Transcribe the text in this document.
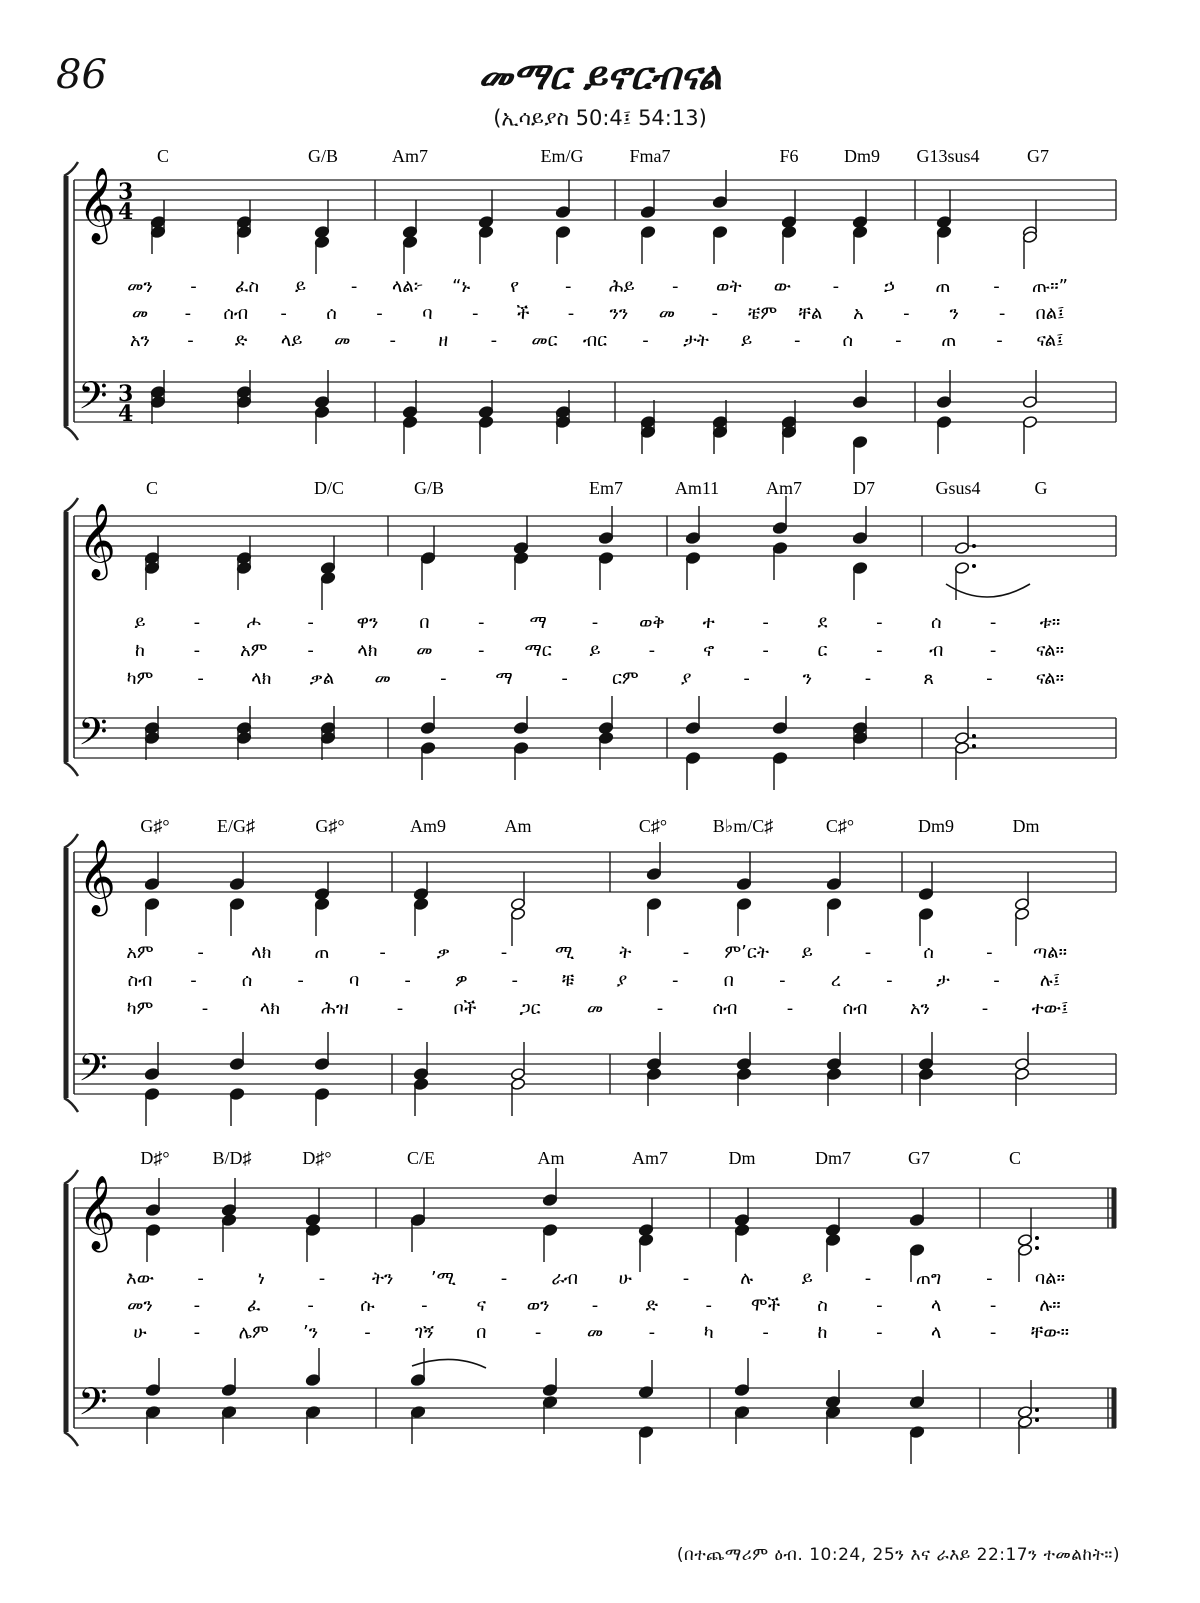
86	መማር ይኖርብናል
(ኢሳይያስ 50:4፤ 54:13)
𝄞
𝄢
3
4
3
4
C	G/B	Am7	Em/G	Fma7	F6	Dm9 G13sus4	G7
መን - ፈስ ይ - ላል፦ “ኑ የ	- ሕይ - ወት ው - ኃ ጠ - ጡ።”
መ - ሰብ - ሰ - ባ - ች - ንን መ - ቼም ቸል አ - ን - በል፤
አን - ድ ላይ መ - ዘ - መር ብር - ታት ይ - ሰ - ጠ - ናል፤
𝄞
𝄢
C	D/C	G/B	Em7	Am11	Am7	D7	Gsus4	G
ይ	-	ሖ	- ዋን በ	- ማ - ወቅ ተ	-	ደ	-	ሰ	- ቱ።
ከ	- አም - ላክ መ	- ማር ይ	-	ኖ	-	ር	-	ብ	- ናል።
ካም -	ላክ ቃል መ	-	ማ	- ርም ያ	-	ን	-	ጸ	- ናል።
𝄞
𝄢
G♯°	E/G♯	G♯°	Am9	Am	C♯°	B♭m/C♯	C♯°	Dm9	Dm
አም -	ላክ ጠ	-	ቃ	-	ሚ ት	- ም’ርት ይ	-	ሰ	- ጣል።
ስብ - ሰ -	ባ	- ዎ - ቹ ያ -	በ	-	ረ	- ታ - ሉ፤
ካም	-	ላክ ሕዝ	-	ቦች ጋር	መ	-	ሰብ	-	ሰብ አን	- ተው፤
𝄞
𝄢
D♯° B/D♯	D♯°	C/E	Am	Am7	Dm	Dm7	G7	C
እው -	ነ	-	ትን ’ሚ - ራብ ሁ	-	ሉ	ይ	- ጠግ - ባል።
መን -	ፈ	-	ሱ	-	ና ወን -	ድ	- ሞች ስ	-	ላ	- ሉ።
ሁ	- ሌም ’ን	- ገኝ በ	-	መ	-	ካ	-	ከ	-	ላ	- ቸው።
(በተጨማሪም ዕብ. 10:24, 25ን እና ራእይ 22:17ን ተመልከት።)
